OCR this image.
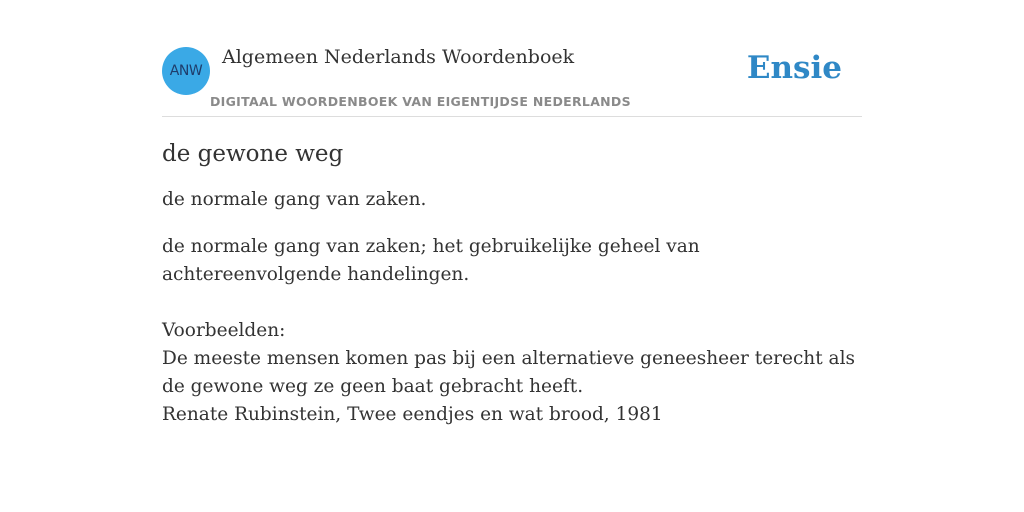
ANW
Algemeen Nederlands Woordenboek
DIGITAAL WOORDENBOEK VAN EIGENTIJDSE NEDERLANDS
Ensie
de gewone weg

de normale gang van zaken.

de normale gang van zaken; het gebruikelijke geheel van achtereenvolgende handelingen.

Voorbeelden:
De meeste mensen komen pas bij een alternatieve geneesheer terecht als de gewone weg ze geen baat gebracht heeft.
Renate Rubinstein, Twee eendjes en wat brood, 1981
